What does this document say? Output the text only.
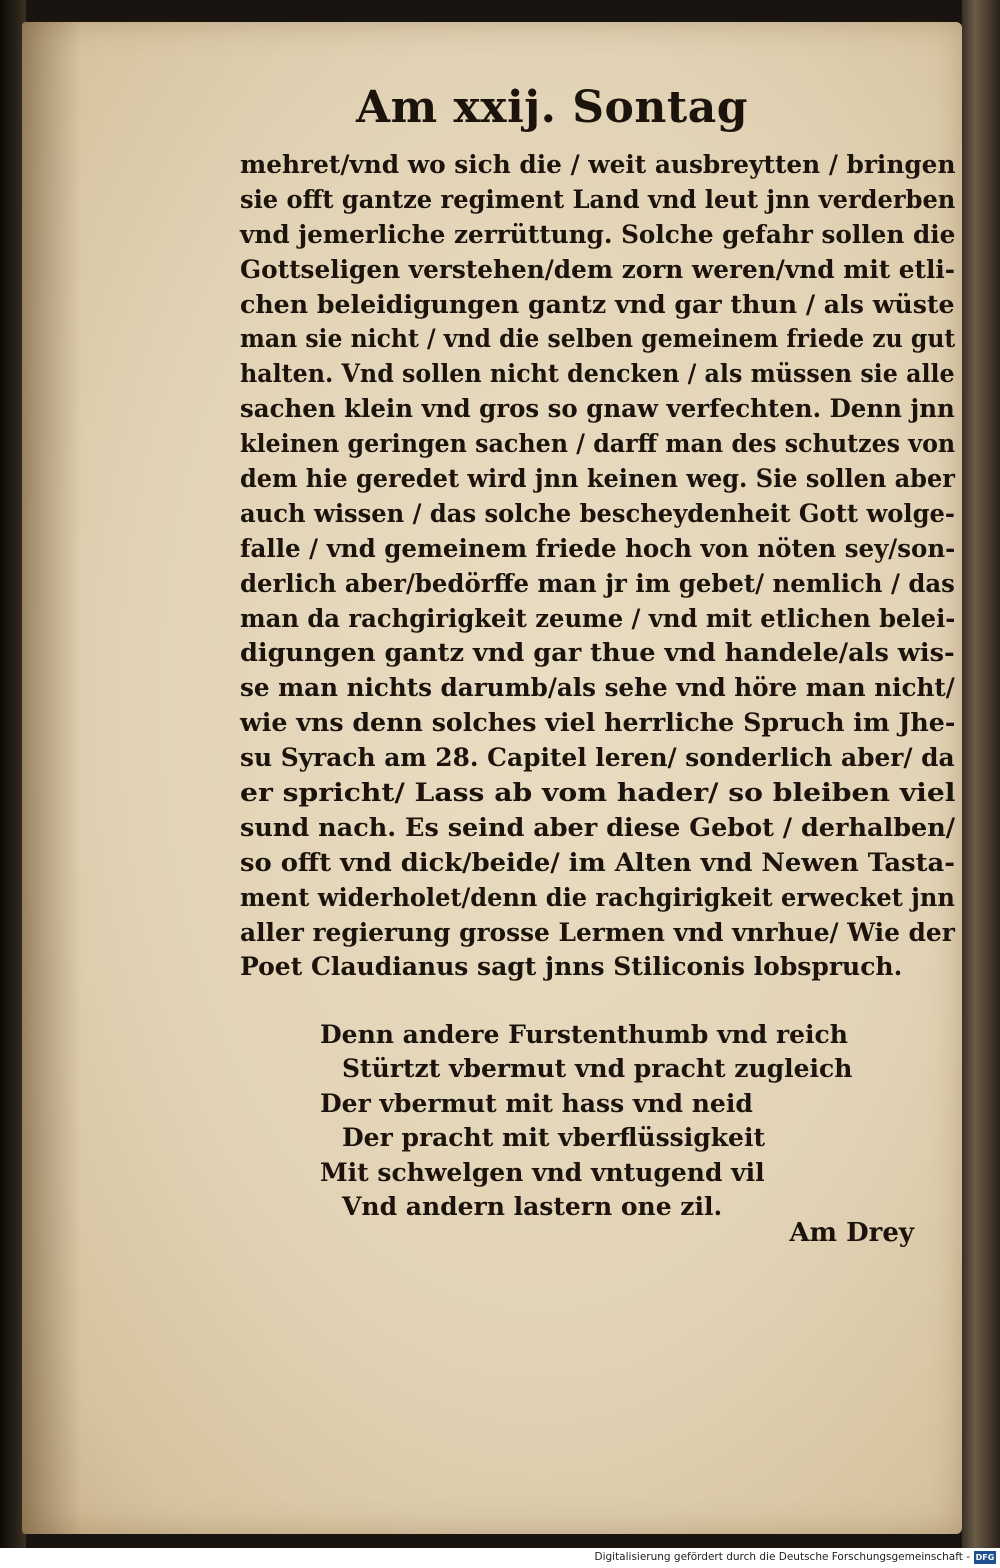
Am xxij. Sontag
mehret/vnd wo sich die / weit ausbreytten / bringen
sie offt gantze regiment Land vnd leut jnn verderben
vnd jemerliche zerrüttung. Solche gefahr sollen die
Gottseligen verstehen/dem zorn weren/vnd mit etli-
chen beleidigungen gantz vnd gar thun / als wüste
man sie nicht / vnd die selben gemeinem friede zu gut
halten. Vnd sollen nicht dencken / als müssen sie alle
sachen klein vnd gros so gnaw verfechten. Denn jnn
kleinen geringen sachen / darff man des schutzes von
dem hie geredet wird jnn keinen weg. Sie sollen aber
auch wissen / das solche bescheydenheit Gott wolge-
falle / vnd gemeinem friede hoch von nöten sey/son-
derlich aber/bedörffe man jr im gebet/ nemlich / das
man da rachgirigkeit zeume / vnd mit etlichen belei-
digungen gantz vnd gar thue vnd handele/als wis-
se man nichts darumb/als sehe vnd höre man nicht/
wie vns denn solches viel herrliche Spruch im Jhe-
su Syrach am 28. Capitel leren/ sonderlich aber/ da
er spricht/ Lass ab vom hader/ so bleiben viel
sund nach. Es seind aber diese Gebot / derhalben/
so offt vnd dick/beide/ im Alten vnd Newen Tasta-
ment widerholet/denn die rachgirigkeit erwecket jnn
aller regierung grosse Lermen vnd vnrhue/ Wie der
Poet Claudianus sagt jnns Stiliconis lobspruch.
Denn andere Furstenthumb vnd reich
Stürtzt vbermut vnd pracht zugleich
Der vbermut mit hass vnd neid
Der pracht mit vberflüssigkeit
Mit schwelgen vnd vntugend vil
Vnd andern lastern one zil.
Am Drey
Digitalisierung gefördert durch die Deutsche Forschungsgemeinschaft - DFG
